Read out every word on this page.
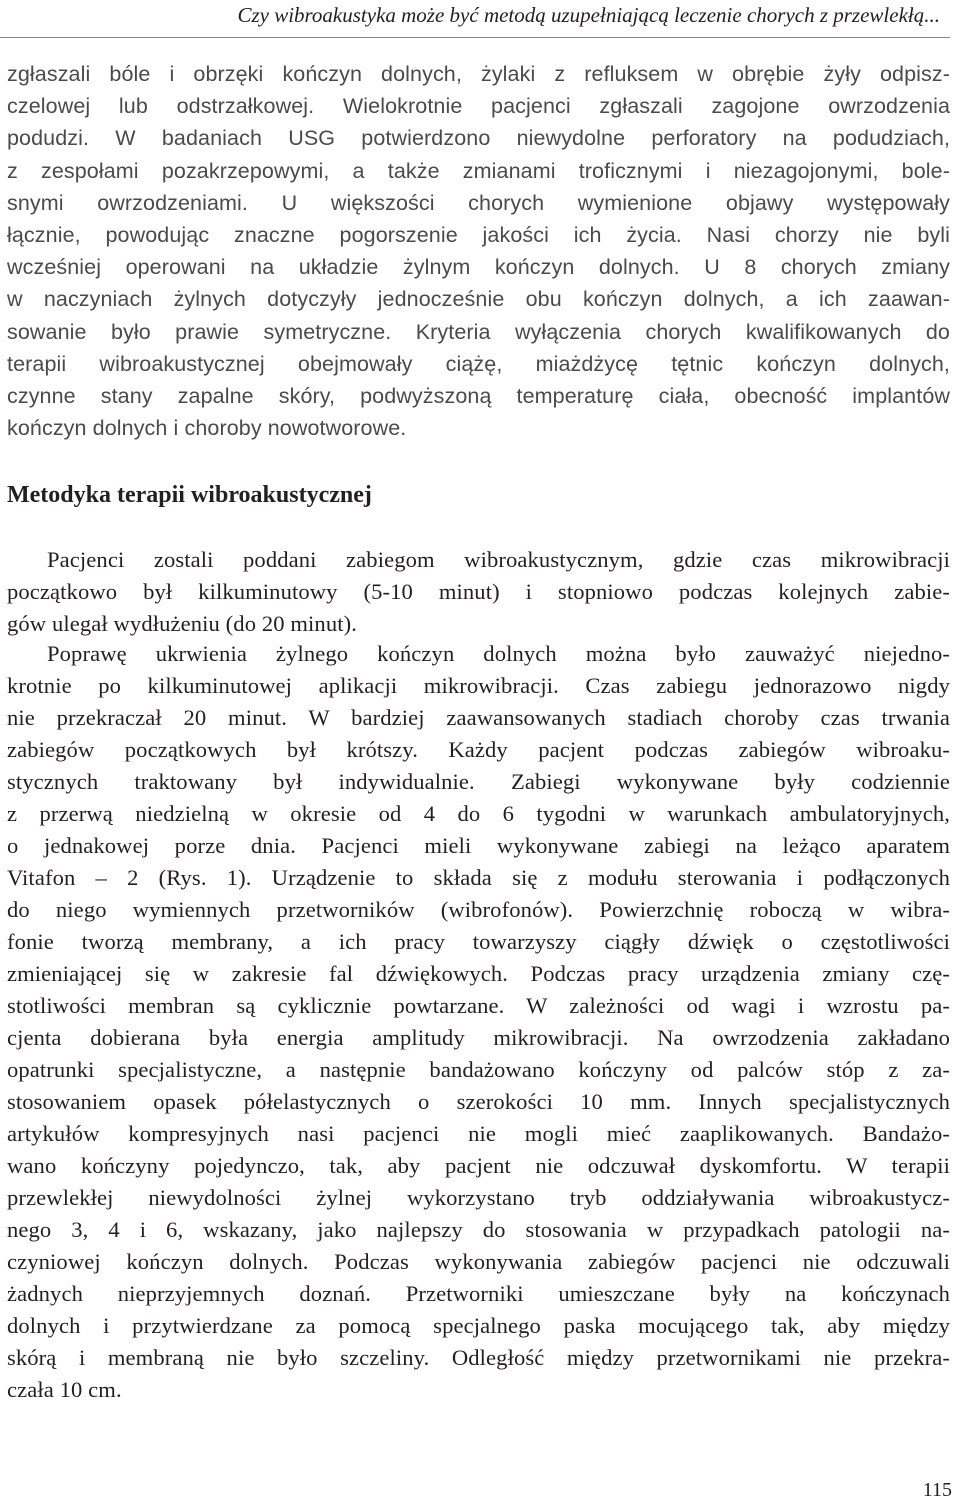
Czy wibroakustyka może być metodą uzupełniającą leczenie chorych z przewlekłą...
zgłaszali bóle i obrzęki kończyn dolnych, żylaki z refluksem w obrębie żyły odpisz-
czelowej lub odstrzałkowej. Wielokrotnie pacjenci zgłaszali zagojone owrzodzenia
podudzi. W badaniach USG potwierdzono niewydolne perforatory na podudziach,
z zespołami pozakrzepowymi, a także zmianami troficznymi i niezagojonymi, bole-
snymi owrzodzeniami. U większości chorych wymienione objawy występowały
łącznie, powodując znaczne pogorszenie jakości ich życia. Nasi chorzy nie byli
wcześniej operowani na układzie żylnym kończyn dolnych. U 8 chorych zmiany
w naczyniach żylnych dotyczyły jednocześnie obu kończyn dolnych, a ich zaawan-
sowanie było prawie symetryczne. Kryteria wyłączenia chorych kwalifikowanych do
terapii wibroakustycznej obejmowały ciążę, miażdżycę tętnic kończyn dolnych,
czynne stany zapalne skóry, podwyższoną temperaturę ciała, obecność implantów
kończyn dolnych i choroby nowotworowe.
Metodyka terapii wibroakustycznej
Pacjenci zostali poddani zabiegom wibroakustycznym, gdzie czas mikrowibracji
początkowo był kilkuminutowy (5-10 minut) i stopniowo podczas kolejnych zabie-
gów ulegał wydłużeniu (do 20 minut).
Poprawę ukrwienia żylnego kończyn dolnych można było zauważyć niejedno-
krotnie po kilkuminutowej aplikacji mikrowibracji. Czas zabiegu jednorazowo nigdy
nie przekraczał 20 minut. W bardziej zaawansowanych stadiach choroby czas trwania
zabiegów początkowych był krótszy. Każdy pacjent podczas zabiegów wibroaku-
stycznych traktowany był indywidualnie. Zabiegi wykonywane były codziennie
z przerwą niedzielną w okresie od 4 do 6 tygodni w warunkach ambulatoryjnych,
o jednakowej porze dnia. Pacjenci mieli wykonywane zabiegi na leżąco aparatem
Vitafon – 2 (Rys. 1). Urządzenie to składa się z modułu sterowania i podłączonych
do niego wymiennych przetworników (wibrofonów). Powierzchnię roboczą w wibra-
fonie tworzą membrany, a ich pracy towarzyszy ciągły dźwięk o częstotliwości
zmieniającej się w zakresie fal dźwiękowych. Podczas pracy urządzenia zmiany czę-
stotliwości membran są cyklicznie powtarzane. W zależności od wagi i wzrostu pa-
cjenta dobierana była energia amplitudy mikrowibracji. Na owrzodzenia zakładano
opatrunki specjalistyczne, a następnie bandażowano kończyny od palców stóp z za-
stosowaniem opasek półelastycznych o szerokości 10 mm. Innych specjalistycznych
artykułów kompresyjnych nasi pacjenci nie mogli mieć zaaplikowanych. Bandażo-
wano kończyny pojedynczo, tak, aby pacjent nie odczuwał dyskomfortu. W terapii
przewlekłej niewydolności żylnej wykorzystano tryb oddziaływania wibroakustycz-
nego 3, 4 i 6, wskazany, jako najlepszy do stosowania w przypadkach patologii na-
czyniowej kończyn dolnych. Podczas wykonywania zabiegów pacjenci nie odczuwali
żadnych nieprzyjemnych doznań. Przetworniki umieszczane były na kończynach
dolnych i przytwierdzane za pomocą specjalnego paska mocującego tak, aby między
skórą i membraną nie było szczeliny. Odległość między przetwornikami nie przekra-
czała 10 cm.
115
